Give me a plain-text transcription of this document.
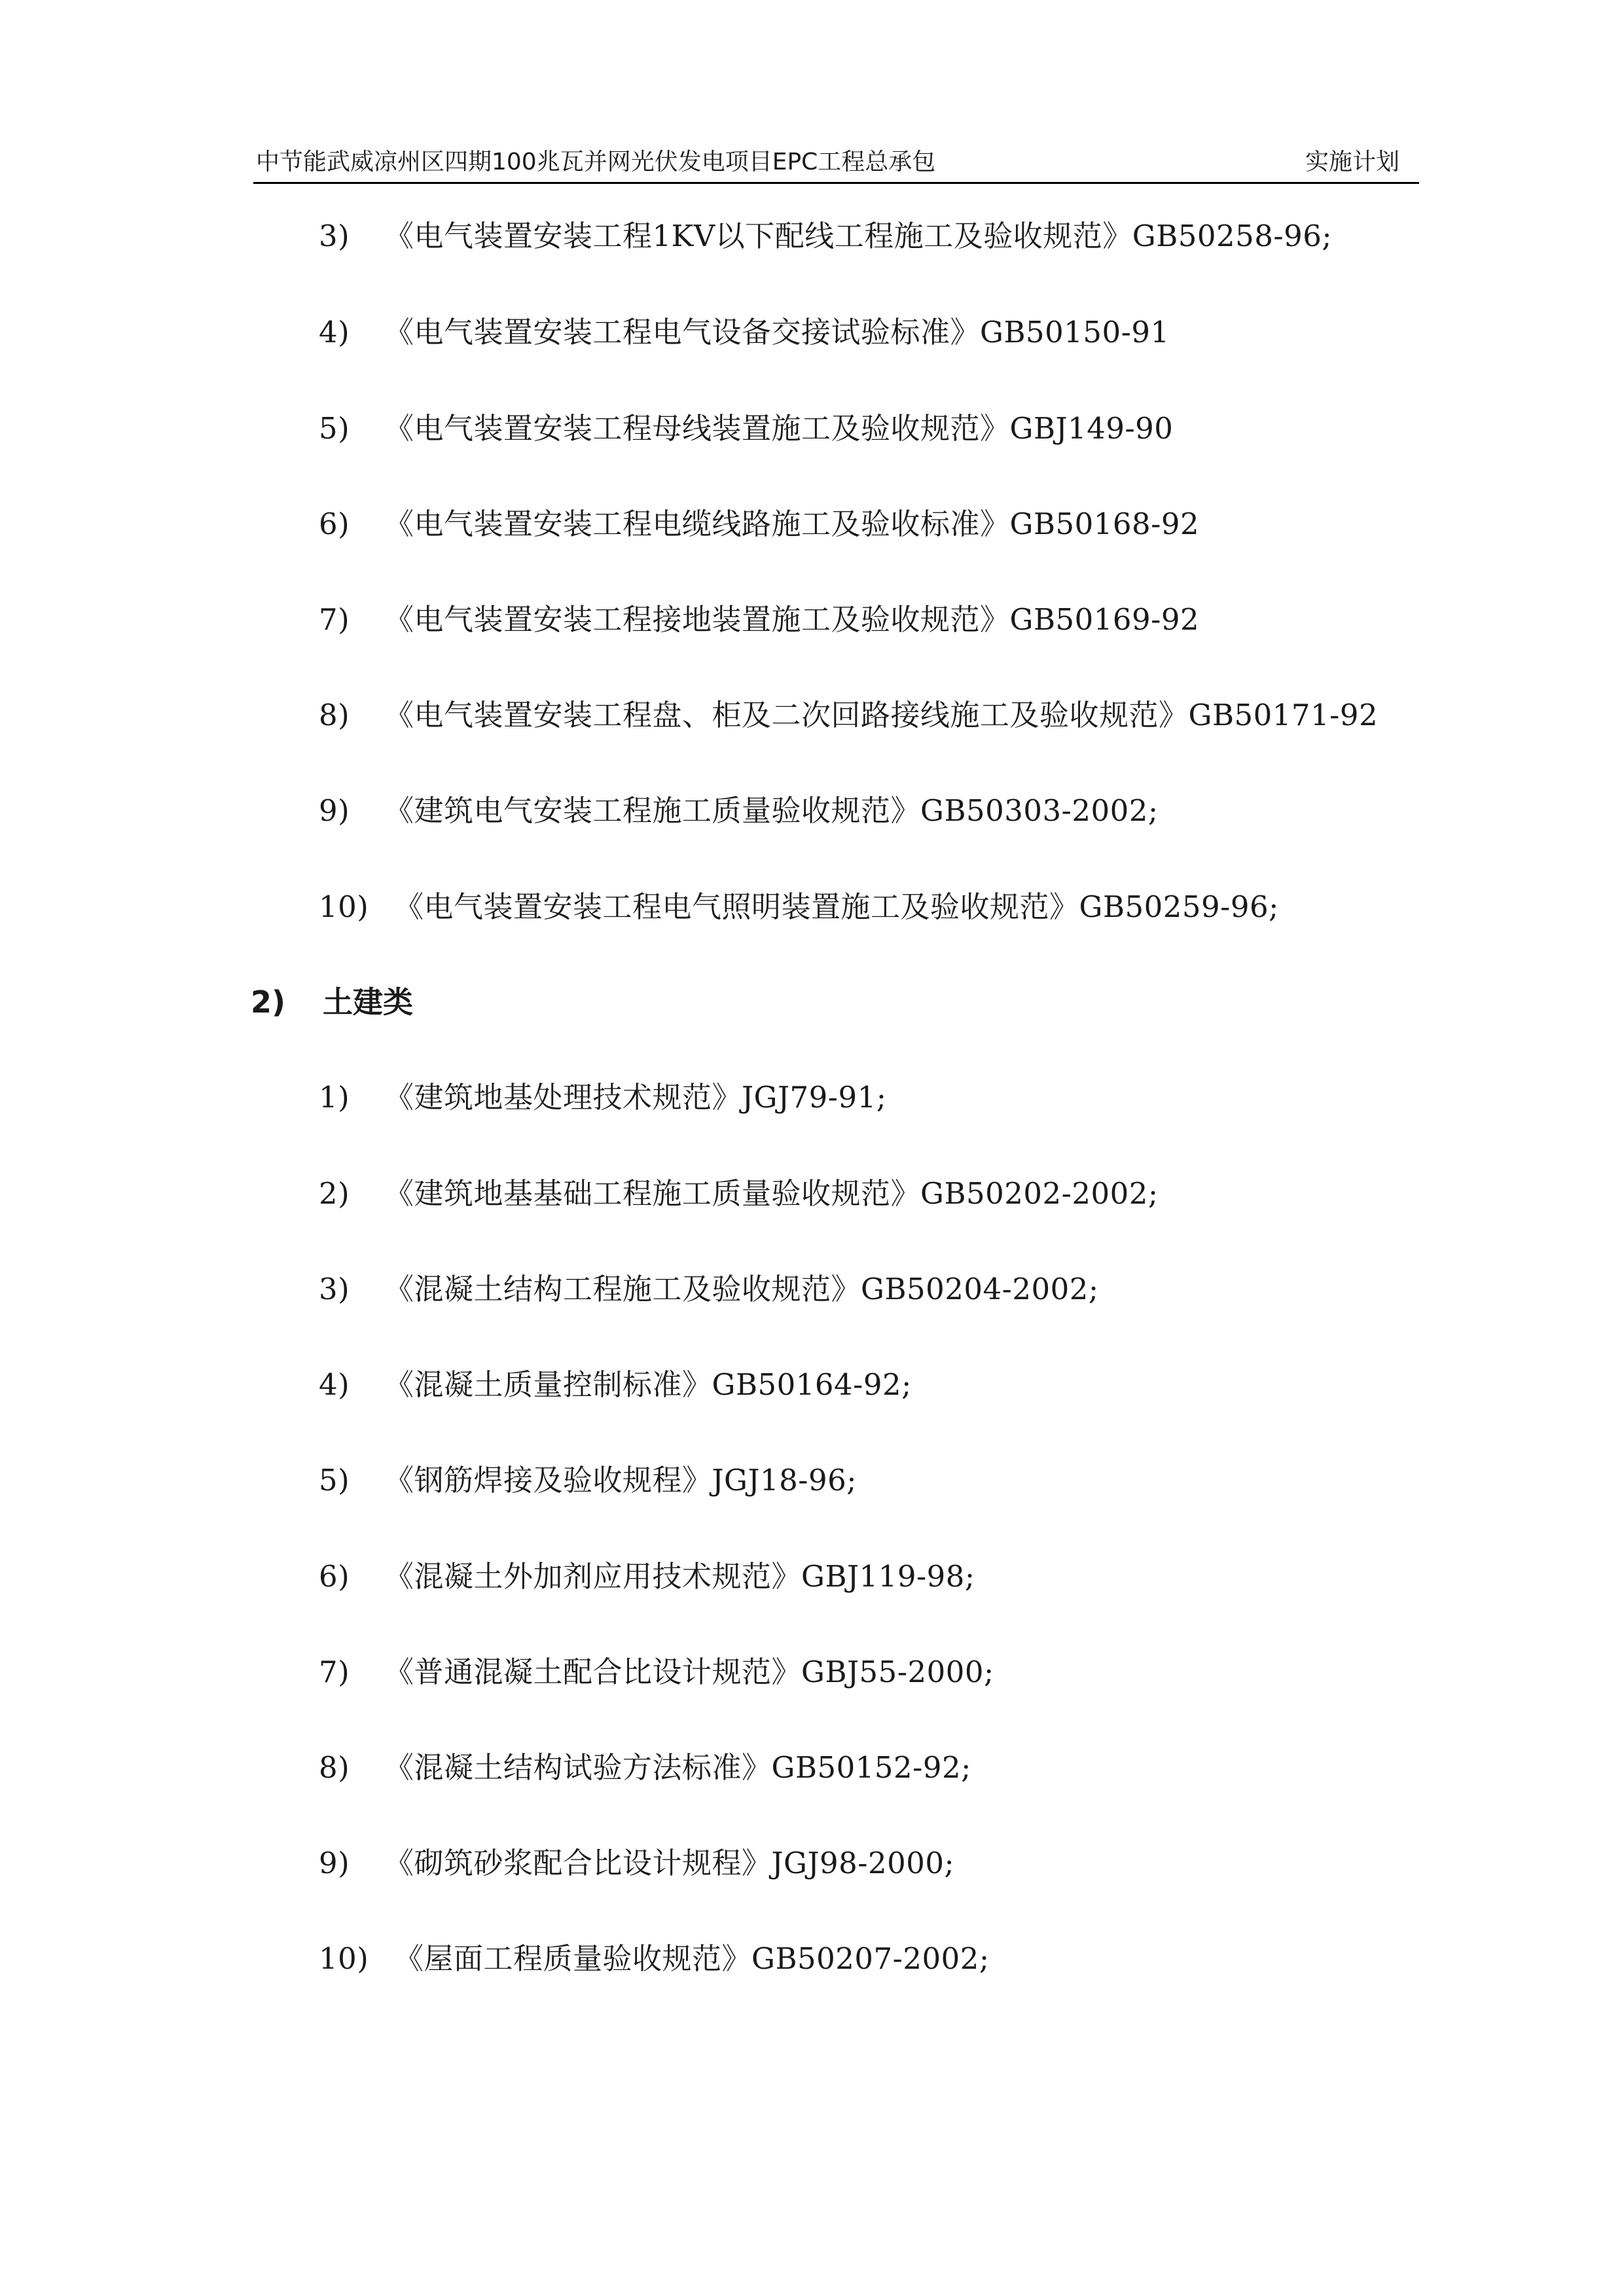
中节能武威凉州区四期100兆瓦并网光伏发电项目EPC工程总承包	实施计划
3) 《电气装置安装工程1KV以下配线工程施工及验收规范》GB50258-96;
4) 《电气装置安装工程电气设备交接试验标准》GB50150-91
5) 《电气装置安装工程母线装置施工及验收规范》GBJ149-90
6) 《电气装置安装工程电缆线路施工及验收标准》GB50168-92
7) 《电气装置安装工程接地装置施工及验收规范》GB50169-92
8) 《电气装置安装工程盘、柜及二次回路接线施工及验收规范》GB50171-92
9) 《建筑电气安装工程施工质量验收规范》GB50303-2002;
10) 《电气装置安装工程电气照明装置施工及验收规范》GB50259-96;
2) 土建类
1) 《建筑地基处理技术规范》JGJ79-91;
2) 《建筑地基基础工程施工质量验收规范》GB50202-2002;
3) 《混凝土结构工程施工及验收规范》GB50204-2002;
4) 《混凝土质量控制标准》GB50164-92;
5) 《钢筋焊接及验收规程》JGJ18-96;
6) 《混凝土外加剂应用技术规范》GBJ119-98;
7) 《普通混凝土配合比设计规范》GBJ55-2000;
8) 《混凝土结构试验方法标准》GB50152-92;
9) 《砌筑砂浆配合比设计规程》JGJ98-2000;
10) 《屋面工程质量验收规范》GB50207-2002;
